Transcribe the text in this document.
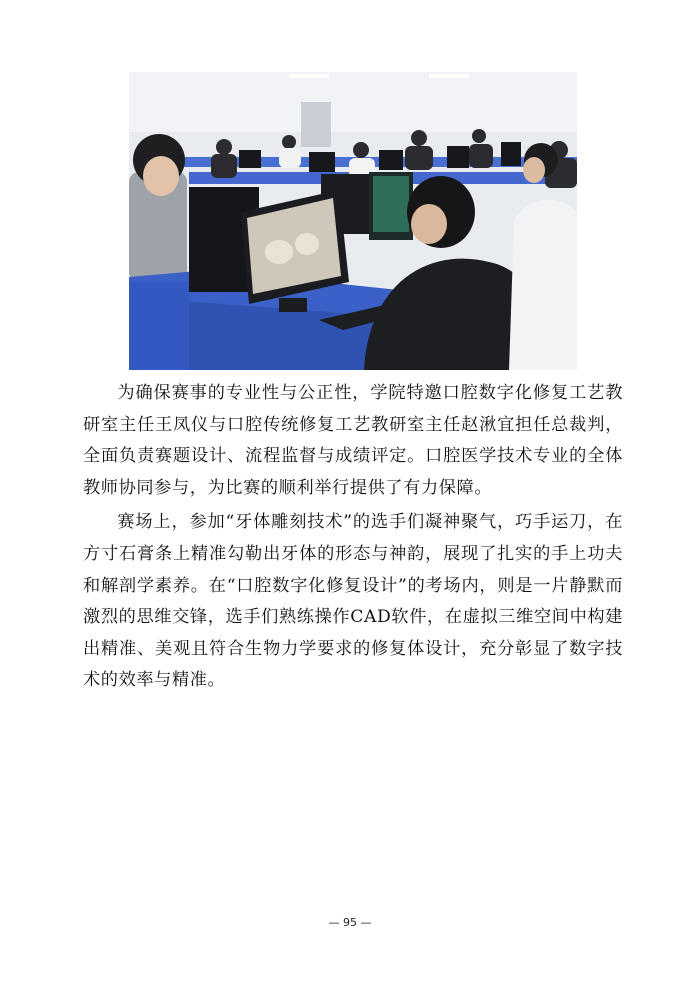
为确保赛事的专业性与公正性，学院特邀口腔数字化修复工艺教研室主任王凤仪与口腔传统修复工艺教研室主任赵湫宜担任总裁判，全面负责赛题设计、流程监督与成绩评定。口腔医学技术专业的全体教师协同参与，为比赛的顺利举行提供了有力保障。

赛场上，参加“牙体雕刻技术”的选手们凝神聚气，巧手运刀，在方寸石膏条上精准勾勒出牙体的形态与神韵，展现了扎实的手上功夫和解剖学素养。在“口腔数字化修复设计”的考场内，则是一片静默而激烈的思维交锋，选手们熟练操作CAD软件，在虚拟三维空间中构建出精准、美观且符合生物力学要求的修复体设计，充分彰显了数字技术的效率与精准。

— 95 —
